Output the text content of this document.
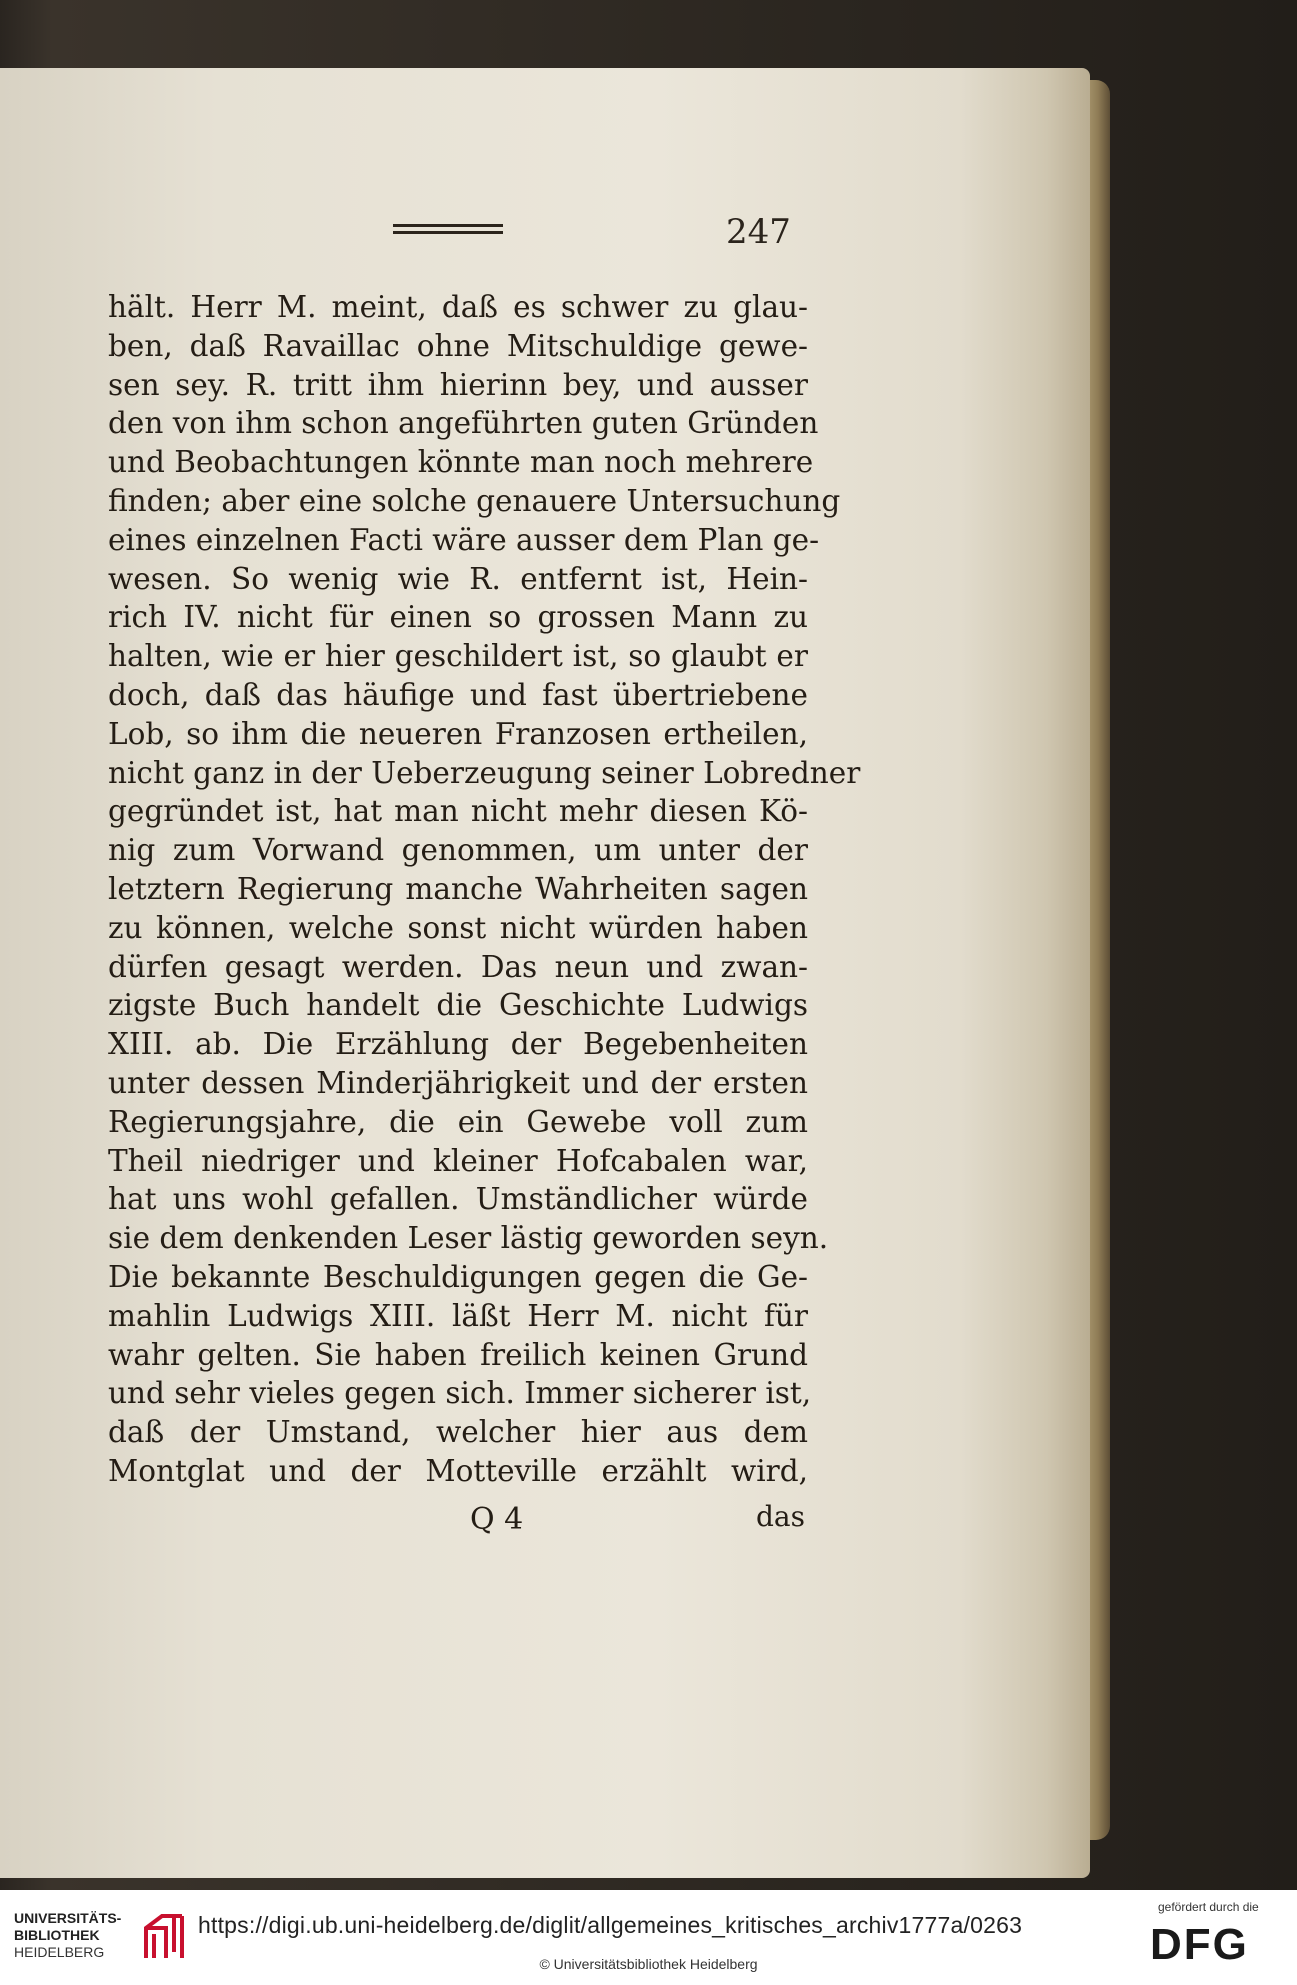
247
hält. Herr M. meint, daß es schwer zu glau-
ben, daß Ravaillac ohne Mitschuldige gewe-
sen sey. R. tritt ihm hierinn bey, und ausser
den von ihm schon angeführten guten Gründen
und Beobachtungen könnte man noch mehrere
finden; aber eine solche genauere Untersuchung
eines einzelnen Facti wäre ausser dem Plan ge-
wesen. So wenig wie R. entfernt ist, Hein-
rich IV. nicht für einen so grossen Mann zu
halten, wie er hier geschildert ist, so glaubt er
doch, daß das häufige und fast übertriebene
Lob, so ihm die neueren Franzosen ertheilen,
nicht ganz in der Ueberzeugung seiner Lobredner
gegründet ist, hat man nicht mehr diesen Kö-
nig zum Vorwand genommen, um unter der
letztern Regierung manche Wahrheiten sagen
zu können, welche sonst nicht würden haben
dürfen gesagt werden. Das neun und zwan-
zigste Buch handelt die Geschichte Ludwigs
XIII. ab. Die Erzählung der Begebenheiten
unter dessen Minderjährigkeit und der ersten
Regierungsjahre, die ein Gewebe voll zum
Theil niedriger und kleiner Hofcabalen war,
hat uns wohl gefallen. Umständlicher würde
sie dem denkenden Leser lästig geworden seyn.
Die bekannte Beschuldigungen gegen die Ge-
mahlin Ludwigs XIII. läßt Herr M. nicht für
wahr gelten. Sie haben freilich keinen Grund
und sehr vieles gegen sich. Immer sicherer ist,
daß der Umstand, welcher hier aus dem
Montglat und der Motteville erzählt wird,
Q 4	das
UNIVERSITÄTS-
BIBLIOTHEK
HEIDELBERG
https://digi.ub.uni-heidelberg.de/diglit/allgemeines_kritisches_archiv1777a/0263
© Universitätsbibliothek Heidelberg
gefördert durch die
DFG
